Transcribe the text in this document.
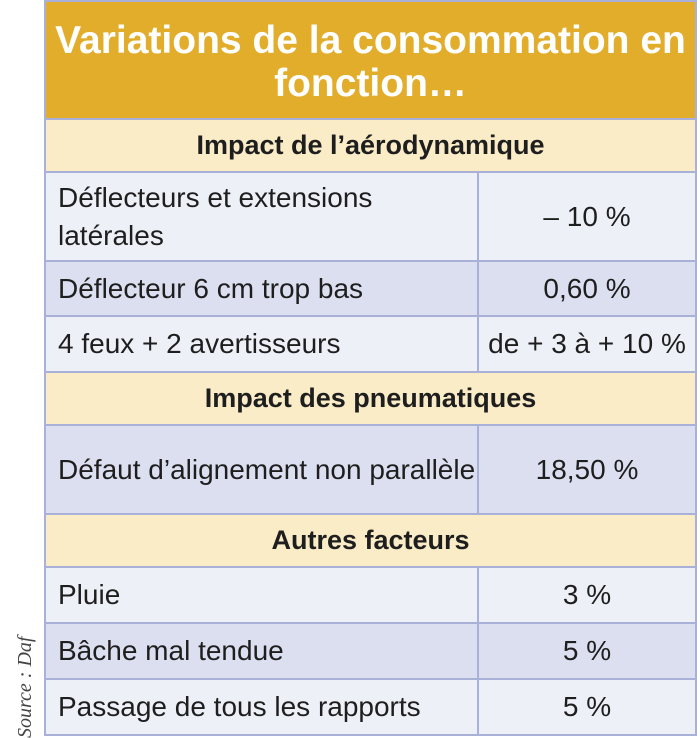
Source : Daf
Variations de la consommation en fonction…	
Impact de l’aérodynamique	
Déflecteurs et extensions latérales	– 10 %
Déflecteur 6 cm trop bas	0,60 %
4 feux + 2 avertisseurs	de + 3 à + 10 %
Impact des pneumatiques	
Défaut d’alignement non parallèle	18,50 %
Autres facteurs	
Pluie	3 %
Bâche mal tendue	5 %
Passage de tous les rapports	5 %
